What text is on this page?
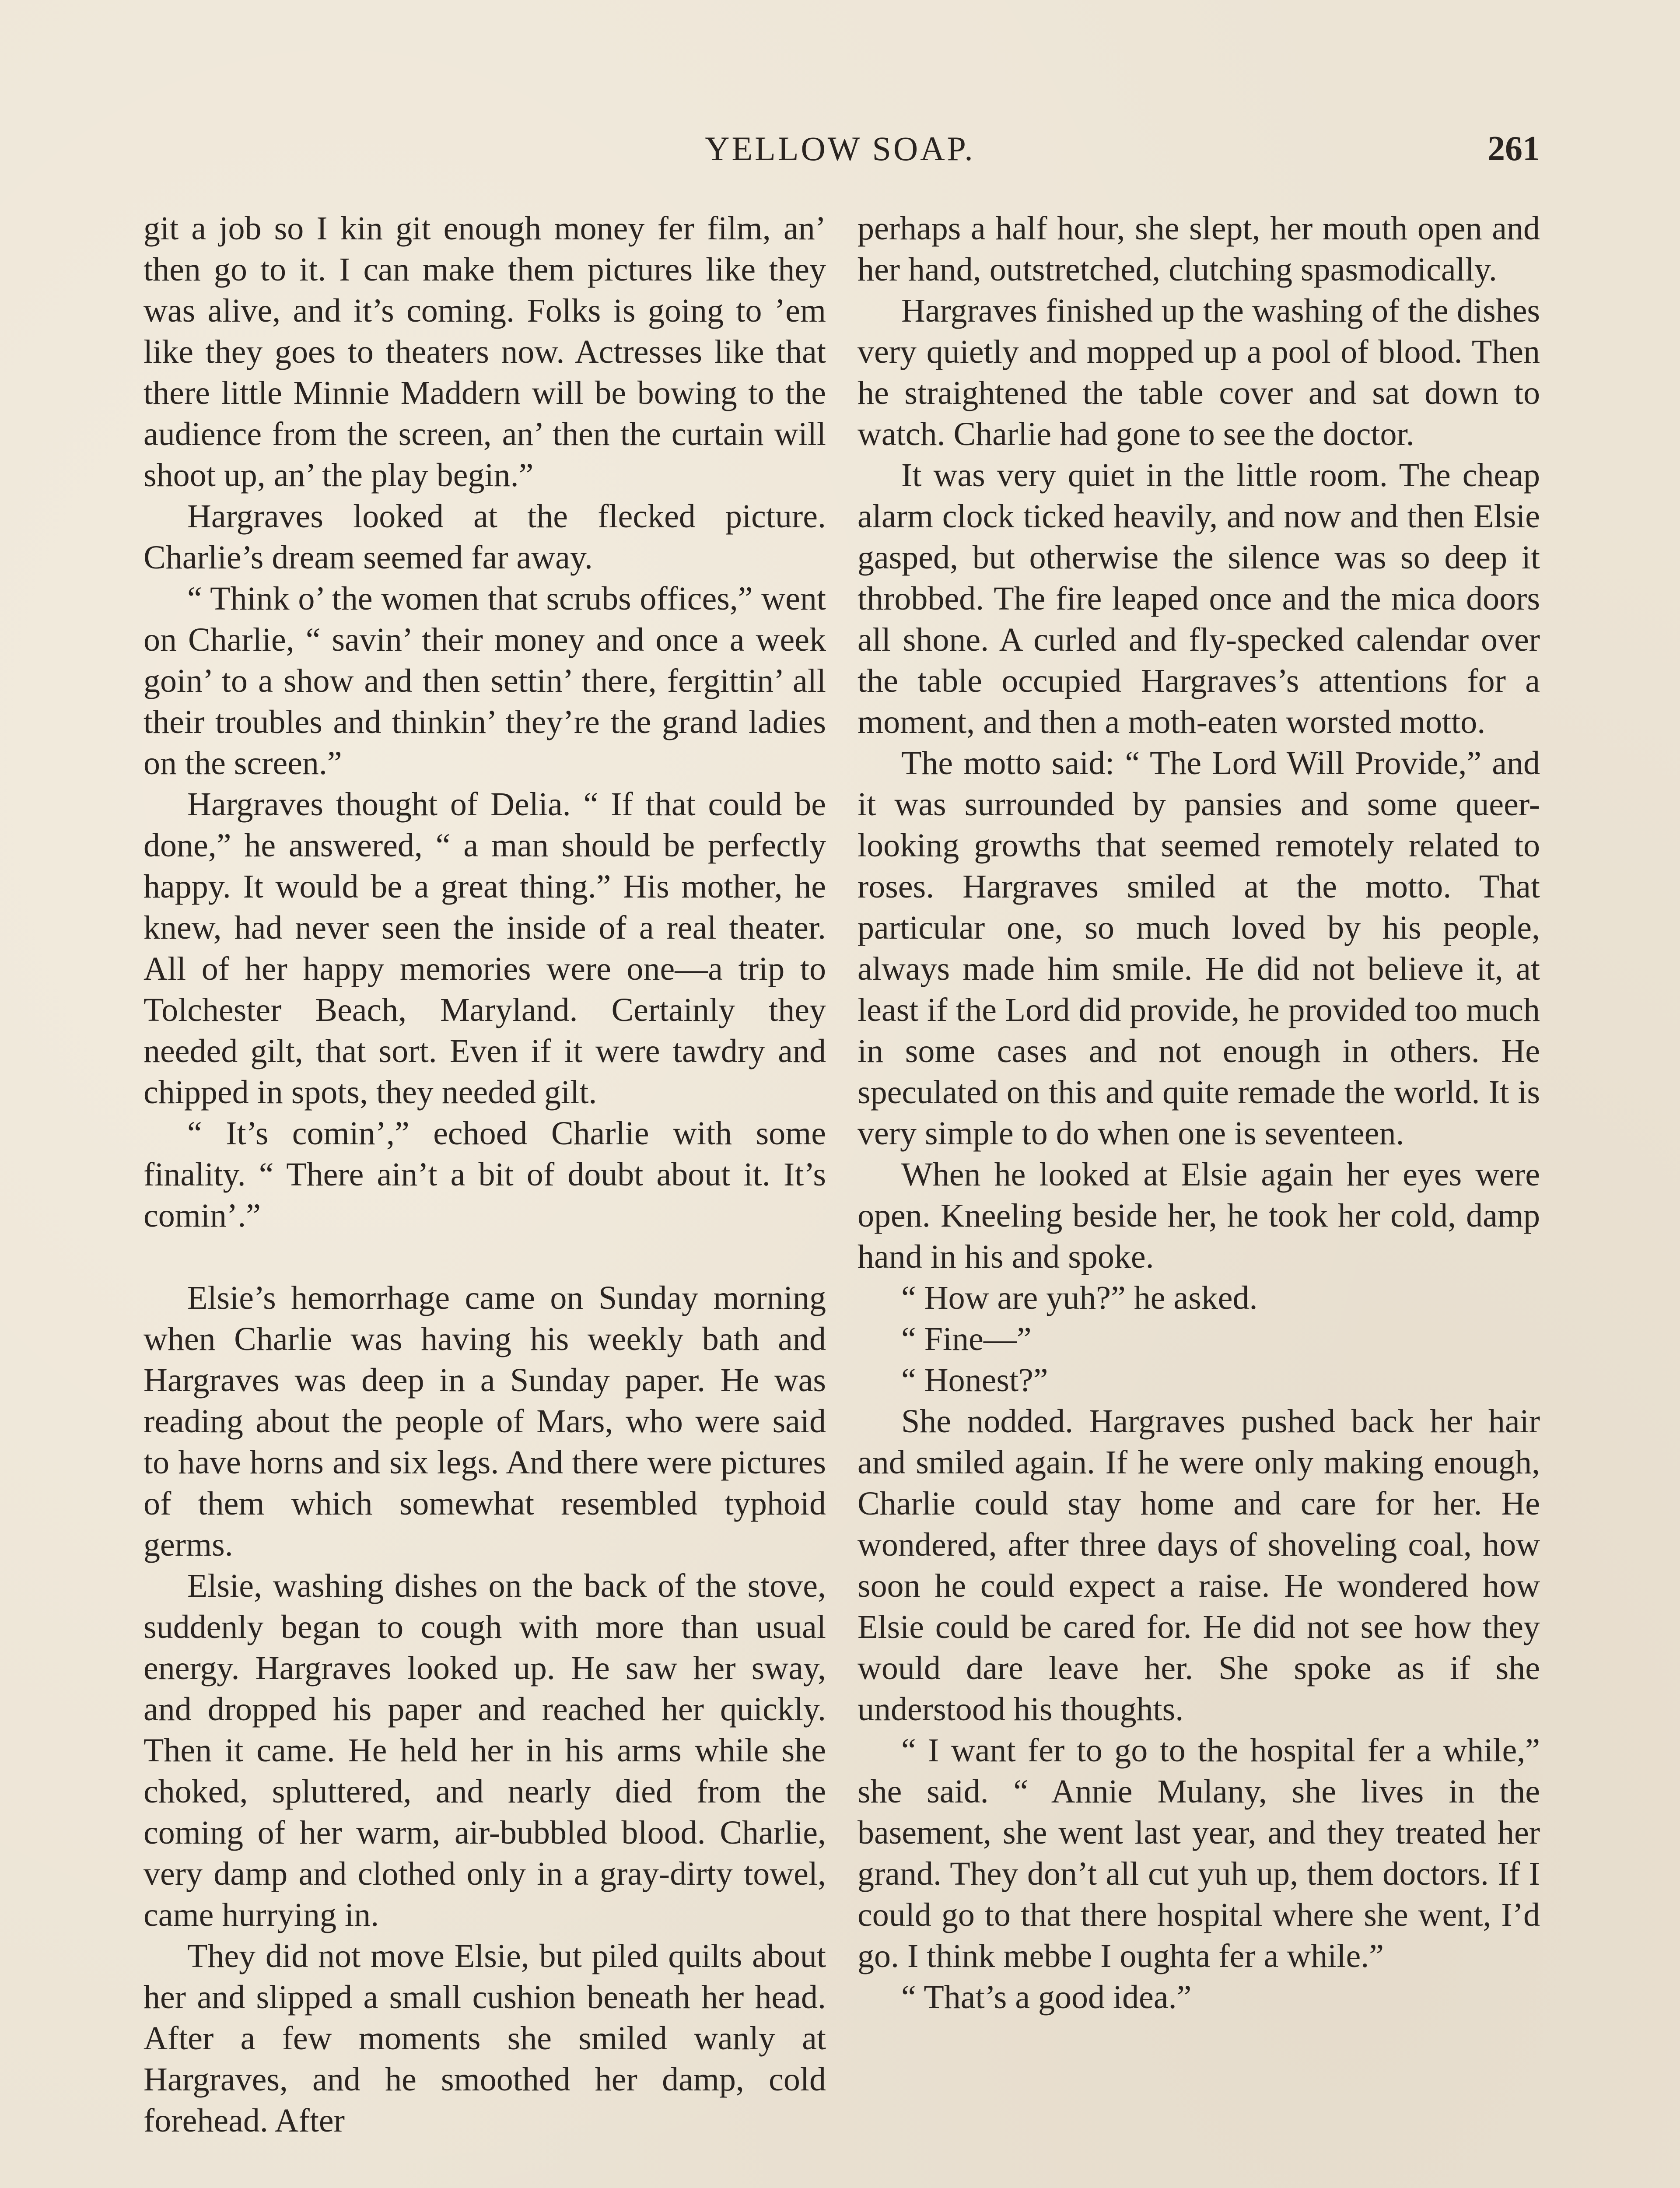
YELLOW SOAP.	261

git a job so I kin git enough money fer film, an’ then go to it. I can make them pictures like they was alive, and it’s coming. Folks is going to ’em like they goes to theaters now. Actresses like that there little Minnie Maddern will be bowing to the audience from the screen, an’ then the curtain will shoot up, an’ the play begin.”

Hargraves looked at the flecked picture. Charlie’s dream seemed far away.

“ Think o’ the women that scrubs offices,” went on Charlie, “ savin’ their money and once a week goin’ to a show and then settin’ there, fergittin’ all their troubles and thinkin’ they’re the grand ladies on the screen.”

Hargraves thought of Delia. “ If that could be done,” he answered, “ a man should be perfectly happy. It would be a great thing.” His mother, he knew, had never seen the inside of a real theater. All of her happy memories were one—a trip to Tolchester Beach, Maryland. Certainly they needed gilt, that sort. Even if it were tawdry and chipped in spots, they needed gilt.

“ It’s comin’,” echoed Charlie with some finality. “ There ain’t a bit of doubt about it. It’s comin’.”

Elsie’s hemorrhage came on Sunday morning when Charlie was having his weekly bath and Hargraves was deep in a Sunday paper. He was reading about the people of Mars, who were said to have horns and six legs. And there were pictures of them which somewhat resembled typhoid germs.

Elsie, washing dishes on the back of the stove, suddenly began to cough with more than usual energy. Hargraves looked up. He saw her sway, and dropped his paper and reached her quickly. Then it came. He held her in his arms while she choked, spluttered, and nearly died from the coming of her warm, air-bubbled blood. Charlie, very damp and clothed only in a gray-dirty towel, came hurrying in.

They did not move Elsie, but piled quilts about her and slipped a small cushion beneath her head. After a few moments she smiled wanly at Hargraves, and he smoothed her damp, cold forehead. After

perhaps a half hour, she slept, her mouth open and her hand, outstretched, clutching spasmodically.

Hargraves finished up the washing of the dishes very quietly and mopped up a pool of blood. Then he straightened the table cover and sat down to watch. Charlie had gone to see the doctor.

It was very quiet in the little room. The cheap alarm clock ticked heavily, and now and then Elsie gasped, but otherwise the silence was so deep it throbbed. The fire leaped once and the mica doors all shone. A curled and fly-specked calendar over the table occupied Hargraves’s attentions for a moment, and then a moth-eaten worsted motto.

The motto said: “ The Lord Will Provide,” and it was surrounded by pansies and some queer-looking growths that seemed remotely related to roses. Hargraves smiled at the motto. That particular one, so much loved by his people, always made him smile. He did not believe it, at least if the Lord did provide, he provided too much in some cases and not enough in others. He speculated on this and quite remade the world. It is very simple to do when one is seventeen.

When he looked at Elsie again her eyes were open. Kneeling beside her, he took her cold, damp hand in his and spoke.

“ How are yuh?” he asked.

“ Fine—”

“ Honest?”

She nodded. Hargraves pushed back her hair and smiled again. If he were only making enough, Charlie could stay home and care for her. He wondered, after three days of shoveling coal, how soon he could expect a raise. He wondered how Elsie could be cared for. He did not see how they would dare leave her. She spoke as if she understood his thoughts.

“ I want fer to go to the hospital fer a while,” she said. “ Annie Mulany, she lives in the basement, she went last year, and they treated her grand. They don’t all cut yuh up, them doctors. If I could go to that there hospital where she went, I’d go. I think mebbe I oughta fer a while.”

“ That’s a good idea.”
